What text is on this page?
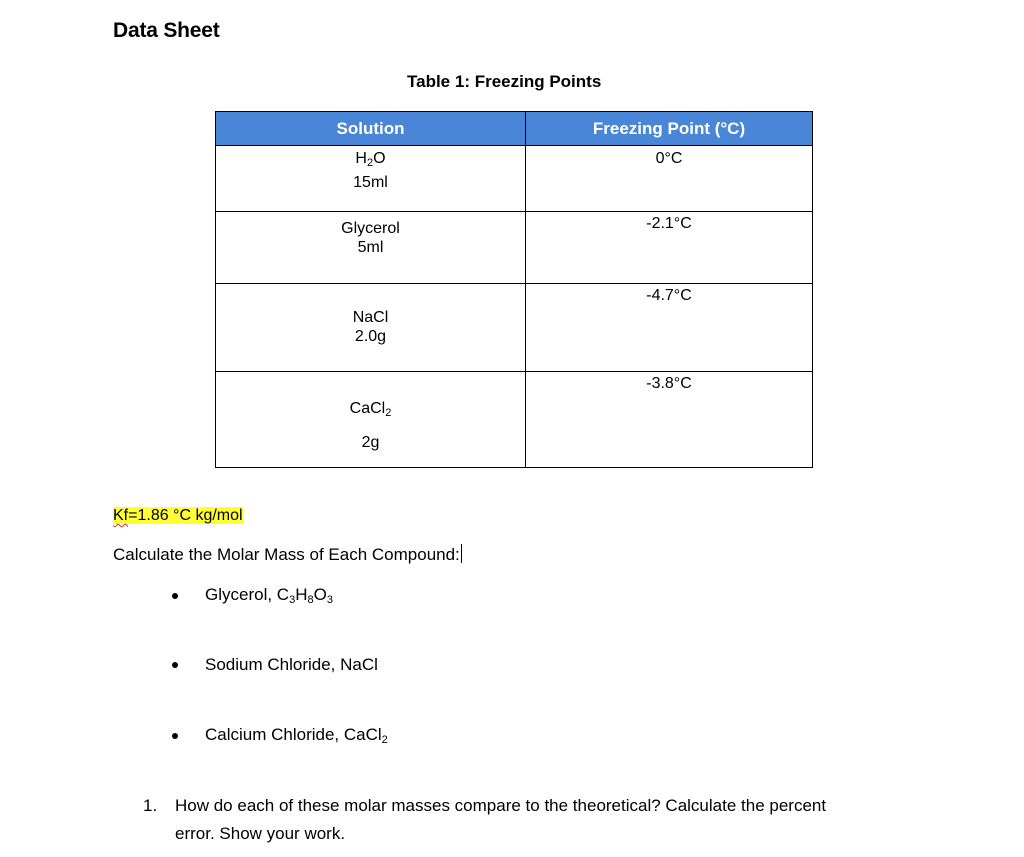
Data Sheet
Table 1: Freezing Points
Solution	Freezing Point (°C)

$H_2O$
15ml	0°C

Glycerol
5ml	-2.1°C

NaCl
2.0g	-4.7°C

CaCl$_2$
2g	-3.8°C
Kf=1.86 °C kg/mol
Calculate the Molar Mass of Each Compound:
Glycerol, $C_3H_8O_3$
Sodium Chloride, NaCl
Calcium Chloride, CaCl$_2$
1. How do each of these molar masses compare to the theoretical? Calculate the percent
error. Show your work.
